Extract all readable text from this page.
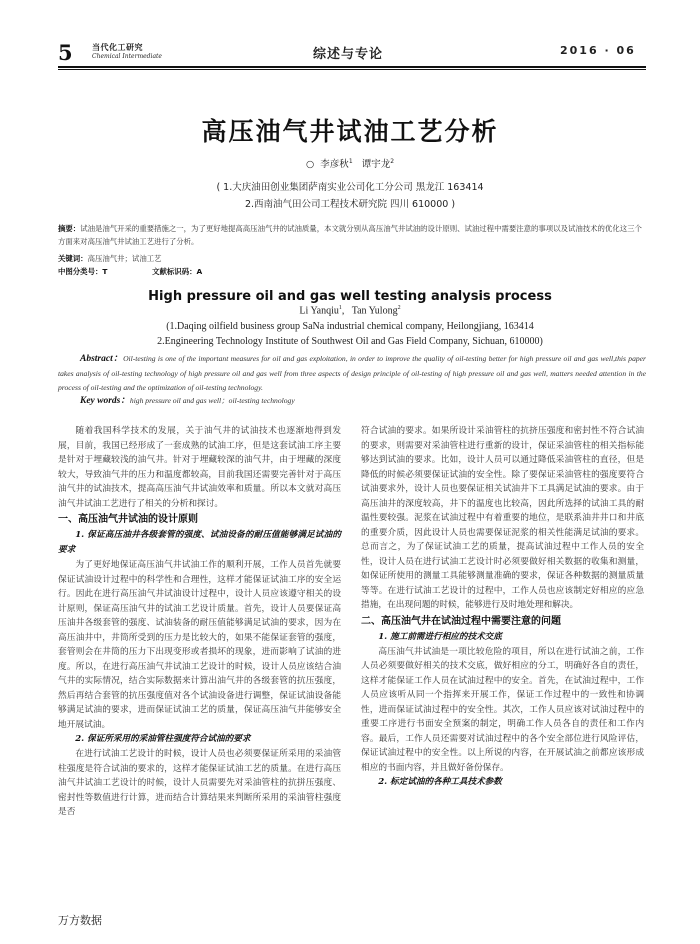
5 当代化工研究
Chemical Intermediate	综述与专论	2016 · 06
高压油气井试油工艺分析
○ 李彦秋$^1$ 谭宇龙$^2$
( 1.大庆油田创业集团萨南实业公司化工分公司 黑龙江 163414
2.西南油气田公司工程技术研究院 四川 610000 )
摘要：试油是油气开采的重要措施之一，为了更好地提高高压油气井的试油质量，本文就分别从高压油气井试油的设计原则、试油过程中需要注意的事项以及试油技术的优化这三个方面来对高压油气井试油工艺进行了分析。
关键词：高压油气井；试油工艺
中图分类号：T	文献标识码：A
High pressure oil and gas well testing analysis process
Li Yanqiu$^1$,   Tan Yulong$^2$
(1.Daqing oilfield business group SaNa industrial chemical company, Heilongjiang, 163414
2.Engineering Technology Institute of Southwest Oil and Gas Field Company, Sichuan, 610000)
Abstract：Oil-testing is one of the important measures for oil and gas exploitation, in order to improve the quality of oil-testing better for high pressure oil and gas well,this paper takes analysis of oil-testing technology of high pressure oil and gas well from three aspects of design principle of oil-testing of high pressure oil and gas well, matters needed attention in the process of oil-testing and the optimization of oil-testing technology.
Key words：high pressure oil and gas well；oil-testing technology

随着我国科学技术的发展，关于油气井的试油技术也逐渐地得到发展，目前，我国已经形成了一套成熟的试油工序，但是这套试油工序主要是针对于埋藏较浅的油气井。针对于埋藏较深的油气井，由于埋藏的深度较大，导致油气井的压力和温度都较高，目前我国还需要完善针对于高压油气井的试油技术，提高高压油气井试油效率和质量。所以本文就对高压油气井试油工艺进行了相关的分析和探讨。

一、高压油气井试油的设计原则
1. 保证高压油井各级套管的强度、试油设备的耐压值能够满足试油的要求

为了更好地保证高压油气井试油工作的顺利开展，工作人员首先就要保证试油设计过程中的科学性和合理性，这样才能保证试油工序的安全运行。因此在进行高压油气井试油设计过程中，设计人员应该遵守相关的设计原则，保证高压油气井的试油工艺设计质量。首先，设计人员要保证高压油井各级套管的强度、试油装备的耐压值能够满足试油的要求，因为在高压油井中，井筒所受到的压力是比较大的，如果不能保证套管的强度，套管则会在井筒的压力下出现变形或者损坏的现象，进而影响了试油的进度。所以，在进行高压油气井试油工艺设计的时候，设计人员应该结合油气井的实际情况，结合实际数据来计算出油气井的各级套管的抗压强度，然后再结合套管的抗压强度值对各个试油设备进行调整，保证试油设备能够满足试油的要求，进而保证试油工艺的质量，保证高压油气井能够安全地开展试油。

2. 保证所采用的采油管柱强度符合试油的要求

在进行试油工艺设计的时候，设计人员也必须要保证所采用的采油管柱强度是符合试油的要求的，这样才能保证试油工艺的质量。在进行高压油气井试油工艺设计的时候，设计人员需要先对采油管柱的抗拼压强度、密封性等数值进行计算，进而结合计算结果来判断所采用的采油管柱强度是否

符合试油的要求。如果所设计采油管柱的抗挤压强度和密封性不符合试油的要求，则需要对采油管柱进行重新的设计，保证采油管柱的相关指标能够达到试油的要求。比如，设计人员可以通过降低采油管柱的直径，但是降低的时候必须要保证试油的安全性。除了要保证采油管柱的强度要符合试油要求外，设计人员也要保证相关试油井下工具满足试油的要求。由于高压油井的深度较高，井下的温度也比较高，因此所选择的试油工具的耐温性要较强。泥浆在试油过程中有着重要的地位，是联系油井井口和井底的重要介质，因此设计人员也需要保证泥浆的相关性能满足试油的要求。总而言之，为了保证试油工艺的质量，提高试油过程中工作人员的安全性，设计人员在进行试油工艺设计时必须要做好相关数据的收集和测量，如保证所使用的测量工具能够测量准确的要求，保证各种数据的测量质量等等。在进行试油工艺设计的过程中，工作人员也应该制定好相应的应急措施，在出现问题的时候，能够进行及时地处理和解决。

二、高压油气井在试油过程中需要注意的问题
1. 施工前需进行相应的技术交底

高压油气井试油是一项比较危险的项目，所以在进行试油之前，工作人员必须要做好相关的技术交底，做好相应的分工，明确好各自的责任，这样才能保证工作人员在试油过程中的安全。首先，在试油过程中，工作人员应该听从同一个指挥来开展工作，保证工作过程中的一致性和协调性，进而保证试油过程中的安全性。其次，工作人员应该对试油过程中的重要工序进行书面安全预案的制定，明确工作人员各自的责任和工作内容。最后，工作人员还需要对试油过程中的各个安全部位进行风险评估，保证试油过程中的安全性。以上所说的内容，在开展试油之前都应该形成相应的书面内容，并且做好备份保存。

2. 标定试油的各种工具技术参数
万方数据
